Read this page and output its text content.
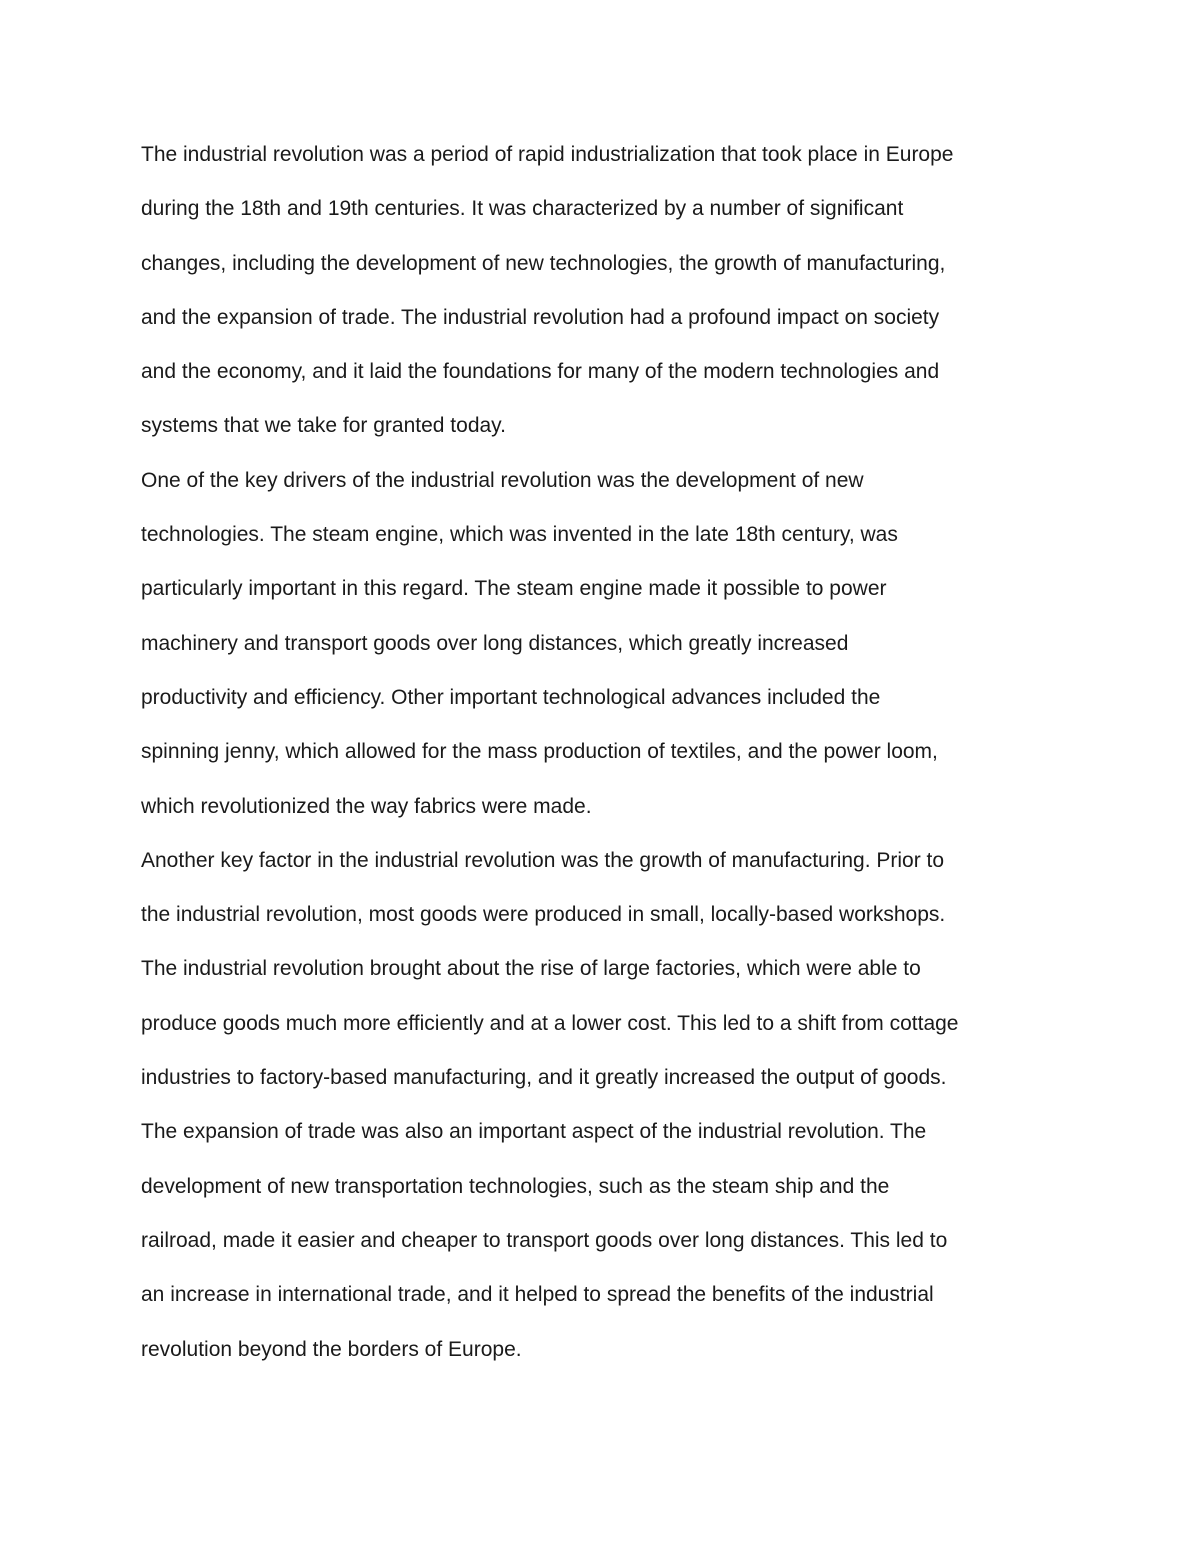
The industrial revolution was a period of rapid industrialization that took place in Europe
during the 18th and 19th centuries. It was characterized by a number of significant
changes, including the development of new technologies, the growth of manufacturing,
and the expansion of trade. The industrial revolution had a profound impact on society
and the economy, and it laid the foundations for many of the modern technologies and
systems that we take for granted today.
One of the key drivers of the industrial revolution was the development of new
technologies. The steam engine, which was invented in the late 18th century, was
particularly important in this regard. The steam engine made it possible to power
machinery and transport goods over long distances, which greatly increased
productivity and efficiency. Other important technological advances included the
spinning jenny, which allowed for the mass production of textiles, and the power loom,
which revolutionized the way fabrics were made.
Another key factor in the industrial revolution was the growth of manufacturing. Prior to
the industrial revolution, most goods were produced in small, locally-based workshops.
The industrial revolution brought about the rise of large factories, which were able to
produce goods much more efficiently and at a lower cost. This led to a shift from cottage
industries to factory-based manufacturing, and it greatly increased the output of goods.
The expansion of trade was also an important aspect of the industrial revolution. The
development of new transportation technologies, such as the steam ship and the
railroad, made it easier and cheaper to transport goods over long distances. This led to
an increase in international trade, and it helped to spread the benefits of the industrial
revolution beyond the borders of Europe.
